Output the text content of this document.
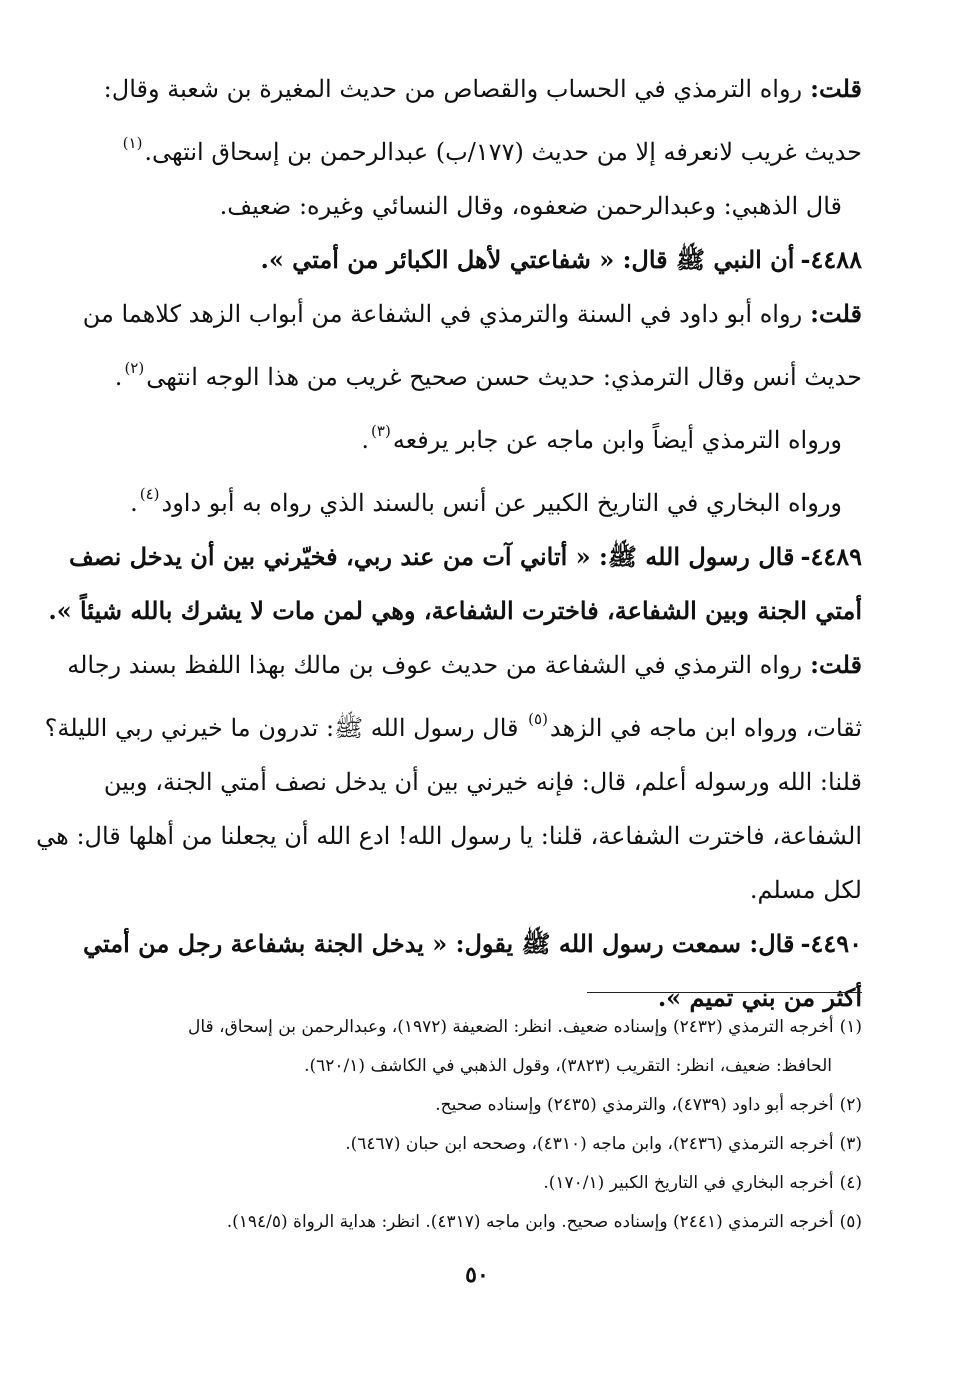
قلت:رواه الترمذي في الحساب والقصاص من حديث المغيرة بن شعبة وقال:

حديث غريب لانعرفه إلا من حديث (١٧٧/ب) عبدالرحمن بن إسحاق انتهى.$^{(١)}$

قال الذهبي: وعبدالرحمن ضعفوه، وقال النسائي وغيره: ضعيف.

٤٤٨٨-أن النبي ﷺ قال: « شفاعتي لأهل الكبائر من أمتي ».

قلت:رواه أبو داود في السنة والترمذي في الشفاعة من أبواب الزهد كلاهما من

حديث أنس وقال الترمذي: حديث حسن صحيح غريب من هذا الوجه انتهى$^{(٢)}$.

ورواه الترمذي أيضاً وابن ماجه عن جابر يرفعه$^{(٣)}$.

ورواه البخاري في التاريخ الكبير عن أنس بالسند الذي رواه به أبو داود$^{(٤)}$.

٤٤٨٩-قال رسول الله ﷺ: « أتاني آت من عند ربي، فخيّرني بين أن يدخل نصف

أمتي الجنة وبين الشفاعة، فاخترت الشفاعة، وهي لمن مات لا يشرك بالله شيئاً ».

قلت:رواه الترمذي في الشفاعة من حديث عوف بن مالك بهذا اللفظ بسند رجاله

ثقات، ورواه ابن ماجه في الزهد$^{(٥)}$ قال رسول الله ﷺ: تدرون ما خيرني ربي الليلة؟

قلنا: الله ورسوله أعلم، قال: فإنه خيرني بين أن يدخل نصف أمتي الجنة، وبين

الشفاعة، فاخترت الشفاعة، قلنا: يا رسول الله! ادع الله أن يجعلنا من أهلها قال: هي

لكل مسلم.

٤٤٩٠-قال: سمعت رسول الله ﷺ يقول: « يدخل الجنة بشفاعة رجل من أمتي

أكثر من بني تميم ».

(١)أخرجه الترمذي (٢٤٣٢) وإسناده ضعيف. انظر: الضعيفة (١٩٧٢)، وعبدالرحمن بن إسحاق، قال

الحافظ: ضعيف، انظر: التقريب (٣٨٢٣)، وقول الذهبي في الكاشف (٦٢٠/١).

(٢)أخرجه أبو داود (٤٧٣٩)، والترمذي (٢٤٣٥) وإسناده صحيح.

(٣)أخرجه الترمذي (٢٤٣٦)، وابن ماجه (٤٣١٠)، وصححه ابن حبان (٦٤٦٧).

(٤)أخرجه البخاري في التاريخ الكبير (١٧٠/١).

(٥)أخرجه الترمذي (٢٤٤١) وإسناده صحيح. وابن ماجه (٤٣١٧). انظر: هداية الرواة (١٩٤/٥).

٥٠
